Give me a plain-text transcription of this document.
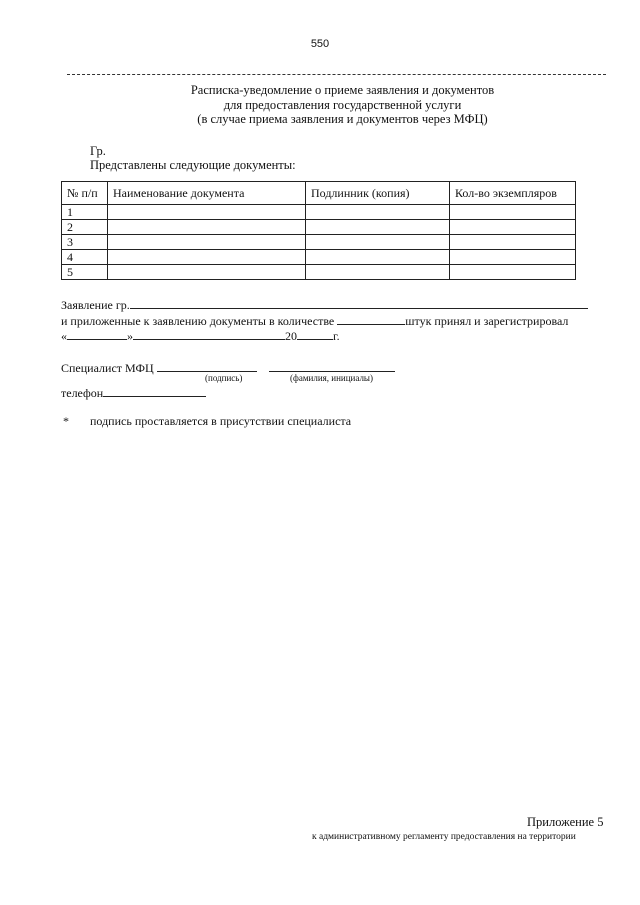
550
Расписка-уведомление о приеме заявления и документов
для предоставления государственной услуги
(в случае приема заявления и документов через МФЦ)
Гр.
Представлены следующие документы:
№ п/п	Наименование документа	Подлинник (копия)	Кол-во экземпляров
1			
2			
3			
4			
5			
Заявление гр.
и приложенные к заявлению документы в количестве	штук принял и зарегистрировал
«	»	20	г.
Специалист МФЦ
(подпись)	(фамилия, инициалы)
телефон
* подпись проставляется в присутствии специалиста
Приложение 5
к административному регламенту предоставления на территории
